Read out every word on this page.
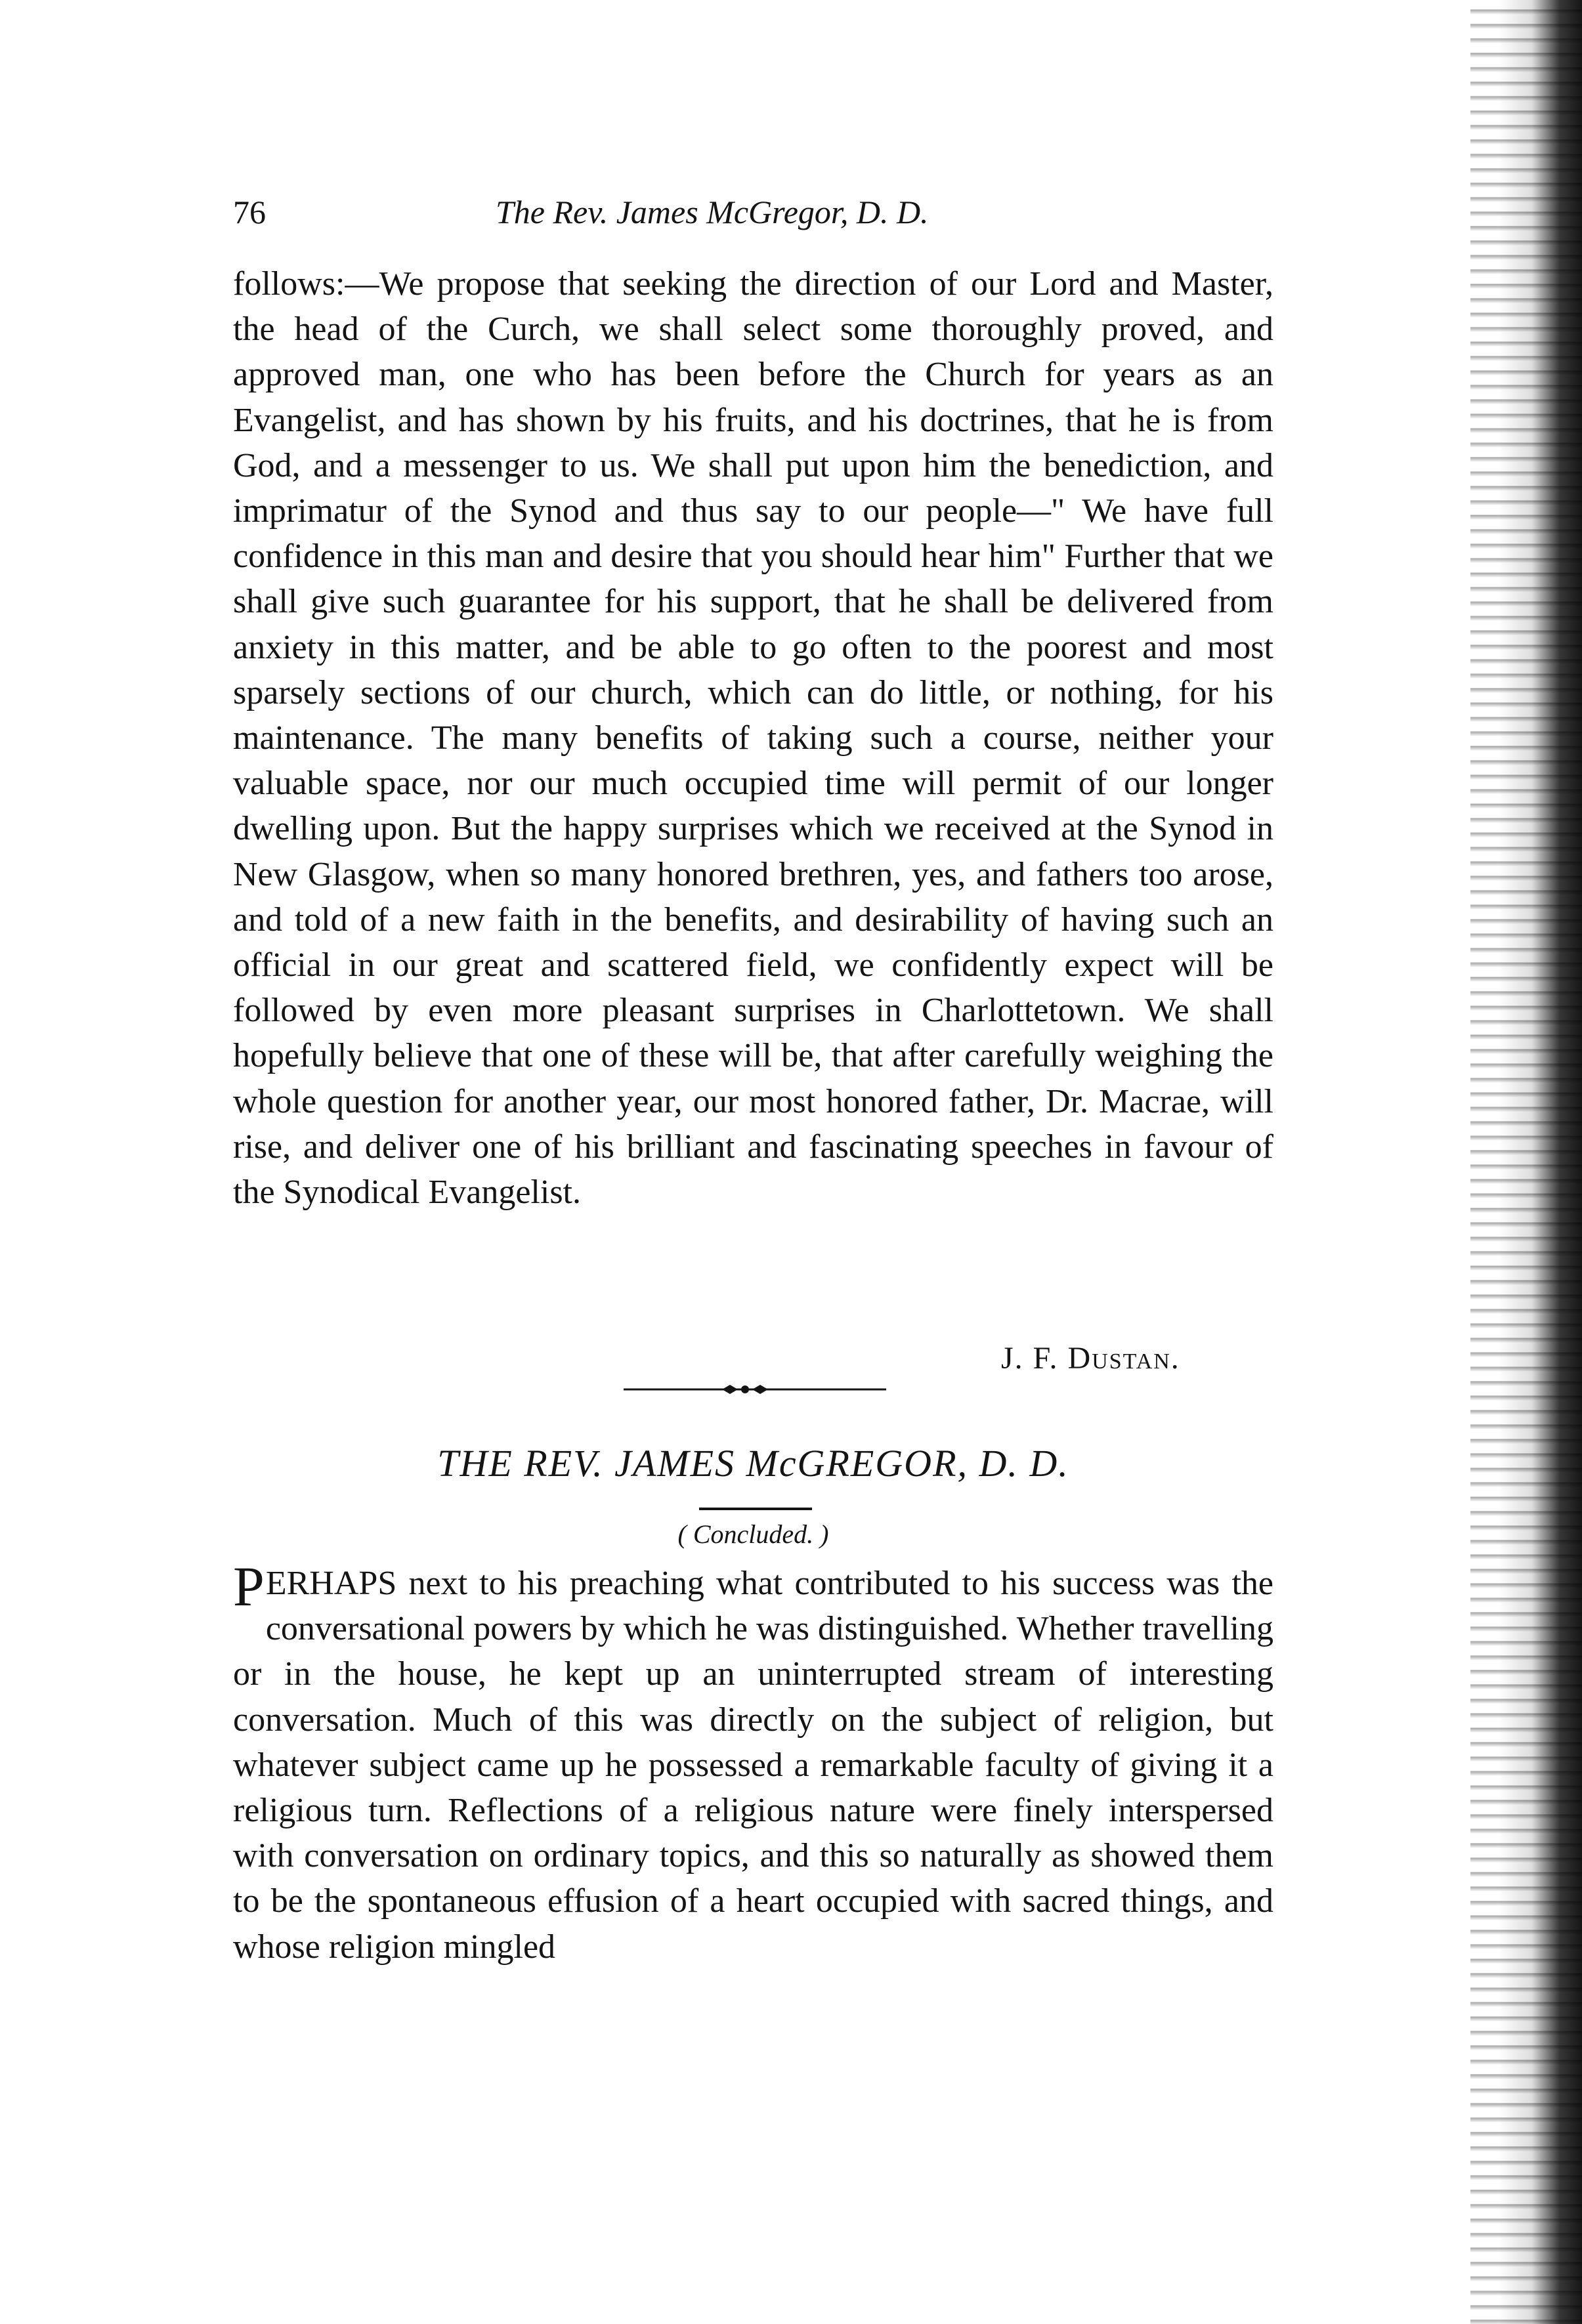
76	The Rev. James McGregor, D. D.
follows:—We propose that seeking the direction of our Lord and Master, the head of the Curch, we shall select some thoroughly proved, and approved man, one who has been before the Church for years as an Evangelist, and has shown by his fruits, and his doctrines, that he is from God, and a messenger to us. We shall put upon him the benediction, and imprimatur of the Synod and thus say to our people—" We have full confidence in this man and desire that you should hear him" Further that we shall give such guarantee for his support, that he shall be delivered from anxiety in this matter, and be able to go often to the poorest and most sparsely sections of our church, which can do little, or nothing, for his maintenance. The many benefits of taking such a course, neither your valuable space, nor our much occupied time will permit of our longer dwelling upon. But the happy surprises which we received at the Synod in New Glasgow, when so many honored brethren, yes, and fathers too arose, and told of a new faith in the benefits, and desirability of having such an official in our great and scattered field, we confidently expect will be followed by even more pleasant surprises in Charlottetown. We shall hopefully believe that one of these will be, that after carefully weighing the whole question for another year, our most honored father, Dr. Macrae, will rise, and deliver one of his brilliant and fascinating speeches in favour of the Synodical Evangelist.
J. F. Dustan.
THE REV. JAMES McGREGOR, D. D.
( Concluded. )
P ERHAPS next to his preaching what contributed to his success was the conversational powers by which he was distinguished. Whether travelling or in the house, he kept up an uninterrupted stream of interesting conversation. Much of this was directly on the subject of religion, but whatever subject came up he possessed a remarkable faculty of giving it a religious turn. Reflections of a religious nature were finely interspersed with conversation on ordinary topics, and this so naturally as showed them to be the spontaneous effusion of a heart occupied with sacred things, and whose religion mingled
